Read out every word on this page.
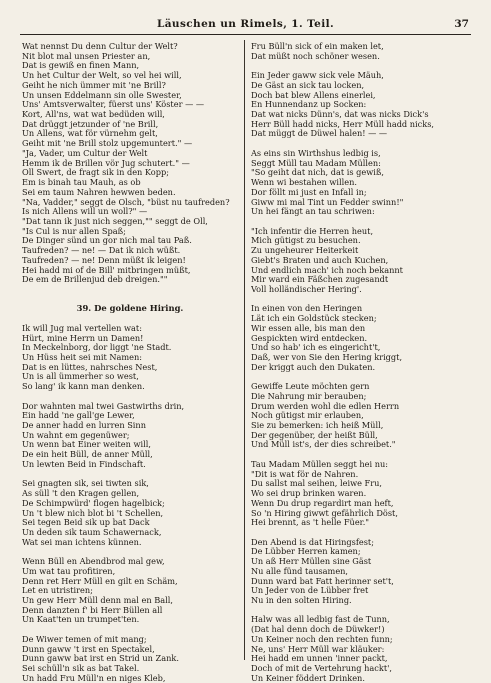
Läuschen un Rimels, 1. Teil.	37
Wat nennst Du denn Cultur der Welt?
Nit blot mal unsen Priester an,
Dat is gewiß en finen Mann,
Un het Cultur der Welt, so vel hei will,
Geiht he nich ümmer mit 'ne Brill?
Un unsen Eddelmann sin olle Swester,
Uns' Amtsverwalter, füerst uns' Köster — —
Kort, All'ns, wat wat bedüden will,
Dat drüggt jetzunder of 'ne Brill,
Un Allens, wat för vürnehm gelt,
Geiht mit 'ne Brill stolz upgemuntert." —
"Ja, Vader, um Cultur der Welt
Hemm ik de Brillen vör Jug schutert." —
Oll Swert, de fragt sik in den Kopp;
Em is binah tau Mauh, as ob
Sei em taum Nahren hewwen beden.
"Na, Vadder," seggt de Olsch, "büst nu taufreden?
Is nich Allens will un woll?" —
"Dat tann ik just nich seggen,"" seggt de Oll,
"Is Cul is nur allen Spaß;
De Dinger sünd un gor nich mal tau Paß.
Taufreden? — ne! — Dat ik nich wüßt.
Taufreden? — ne! Denn müßt ik leigen!
Hei hadd mi of de Bill' mitbringen müßt,
De em de Brillenjud deb dreigen.""
39. De goldene Hiring.
Ik will Jug mal vertellen wat:
Hürt, mine Herrn un Damen!
In Meckelnborg, dor liggt 'ne Stadt.
Un Hüss heit sei mit Namen:
Dat is en lüttes, nahrsches Nest,
Un is all ümmerher so west,
So lang' ik kann man denken.
Dor wahnten mal twei Gastwirths drin,
Ein hadd 'ne gall'ge Lewer,
De anner hadd en lurren Sinn
Un wahnt em gegenüwer;
Un wenn bat Einer weiten will,
De ein heit Büll, de anner Müll,
Un lewten Beid in Findschaft.
Sei gnagten sik, sei tiwten sik,
As süll 't den Kragen gellen,
De Schimpwürd' flogen hagelbick;
Un 't blew nich blot bi 't Schellen,
Sei tegen Beid sik up bat Dack
Un deden sik taum Schawernack,
Wat sei man ichtens künnen.
Wenn Büll en Abendbrod mal gew,
Um wat tau profitiren,
Denn ret Herr Müll en gilt en Schäm,
Let en utristiren;
Un gew Herr Müll denn mal en Ball,
Denn danzten f' bi Herr Büllen all
Un Kaat'ten un trumpet'ten.
De Wiwer temen of mit mang;
Dunn gaww 't irst en Spectakel,
Dunn gaww bat irst en Strid un Zank.
Sei schüll'n sik as bat Takel.
Un hadd Fru Müll'n en niges Kleb,
Fru Büll'n sick of ein maken let,
Dat müßt noch schöner wesen.
Ein Jeder gaww sick vele Mäuh,
De Gäst an sick tau locken,
Doch bat blew Allens einerlei,
En Hunnendanz up Socken:
Dat wat nicks Dünn's, dat was nicks Dick's
Herr Büll hadd nicks, Herr Müll hadd nicks,
Dat müggt de Düwel halen! — —
As eins sin Wirthshus ledbig is,
Seggt Müll tau Madam Müllen:
"So geiht dat nich, dat is gewiß,
Wenn wi bestahen willen.
Dor föllt mi just en Infall in;
Giww mi mal Tint un Fedder swinn!"
Un hei fängt an tau schriwen:
"Ich infentir die Herren heut,
Mich gütigst zu besuchen.
Zu ungeheurer Heiterkeit
Giebt's Braten und auch Kuchen,
Und endlich mach' ich noch bekannt
Mir ward ein Fäßchen zugesandt
Voll holländischer Hering'.
In einen von den Heringen
Lät ich ein Goldstück stecken;
Wir essen alle, bis man den
Gespickten wird entdecken.
Und so hab' ich es eingericht't,
Daß, wer von Sie den Hering kriggt,
Der kriggt auch den Dukaten.
Gewiffe Leute möchten gern
Die Nahrung mir berauben;
Drum werden wohl die edlen Herrn
Noch gütigst mir erlauben,
Sie zu bemerken: ich heiß Müll,
Der gegenüber, der heißt Büll,
Und Müll ist's, der dies schreibet."
Tau Madam Müllen seggt hei nu:
"Dit is wat för de Nahren.
Du sallst mal seihen, leiwe Fru,
Wo sei drup brinken waren.
Wenn Du drup regardirt man heft,
So 'n Hiring giwwt gefährlich Döst,
Hei brennt, as 't helle Füer."
Den Abend is dat Hiringsfest;
De Lübber Herren kamen;
Un aß Herr Müllen sine Gäst
Nu alle fünd tausamen,
Dunn ward bat Fatt herinner set't,
Un Jeder von de Lübber fret
Nu in den solten Hiring.
Halw was all ledbig fast de Tunn,
(Dat hal denn doch de Düwker!)
Un Keiner noch den rechten funn;
Ne, uns' Herr Müll war kläuker:
Hei hadd em unnen 'inner packt,
Doch of mit de Vertehrung hackt',
Un Keiner föddert Drinken.
